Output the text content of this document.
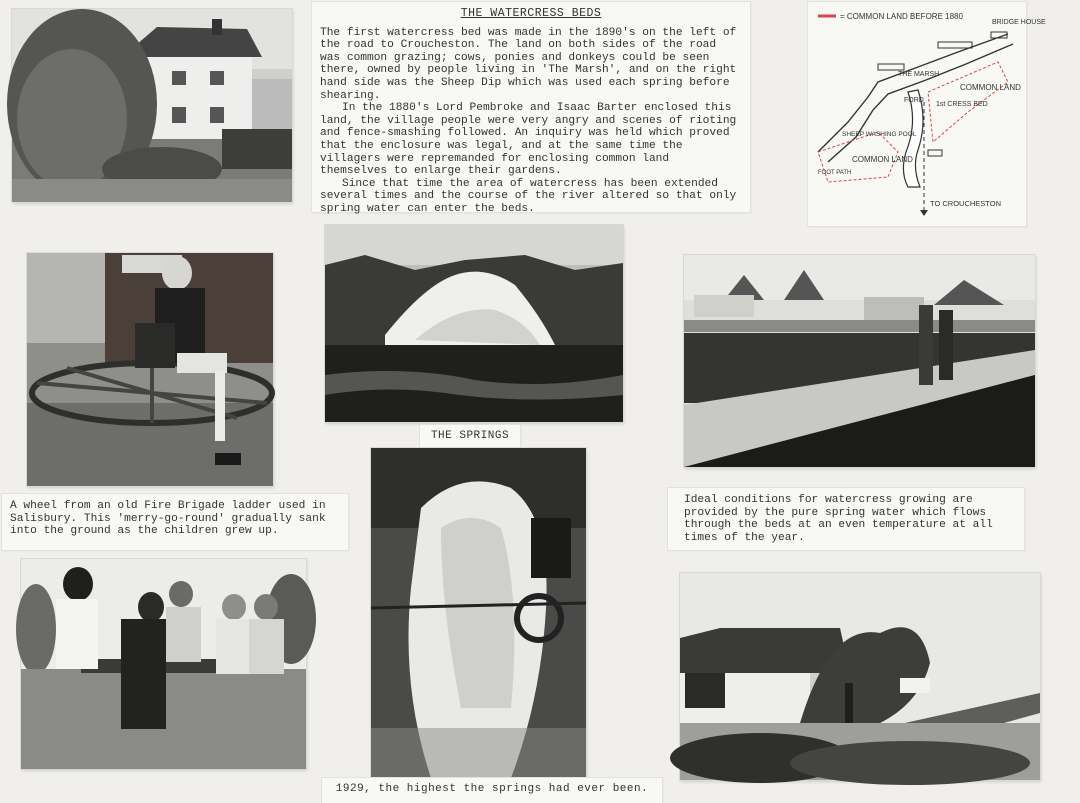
THE WATERCRESS BEDS

The first watercress bed was made in the 1890's on the left of the road to Croucheston. The land on both sides of the road was common grazing; cows, ponies and donkeys could be seen there, owned by people living in 'The Marsh', and on the right hand side was the Sheep Dip which was used each spring before shearing.

In the 1880's Lord Pembroke and Isaac Barter enclosed this land, the village people were very angry and scenes of rioting and fence-smashing followed. An inquiry was held which proved that the enclosure was legal, and at the same time the villagers were repremanded for enclosing common land themselves to enlarge their gardens.

Since that time the area of watercress has been extended several times and the course of the river altered so that only spring water can enter the beds.

= COMMON LAND BEFORE 1880
BRIDGE HOUSE
COMMON LAND
THE MARSH
FORD
1st CRESS BED
SHEEP WASHING POOL
FOOT PATH
COMMON LAND
TO CROUCHESTON
THE SPRINGS

A wheel from an old Fire Brigade ladder used in Salisbury. This 'merry-go-round' gradually sank into the ground as the children grew up.

Ideal conditions for watercress growing are provided by the pure spring water which flows through the beds at an even temperature at all times of the year.

1929, the highest the springs had ever been.
